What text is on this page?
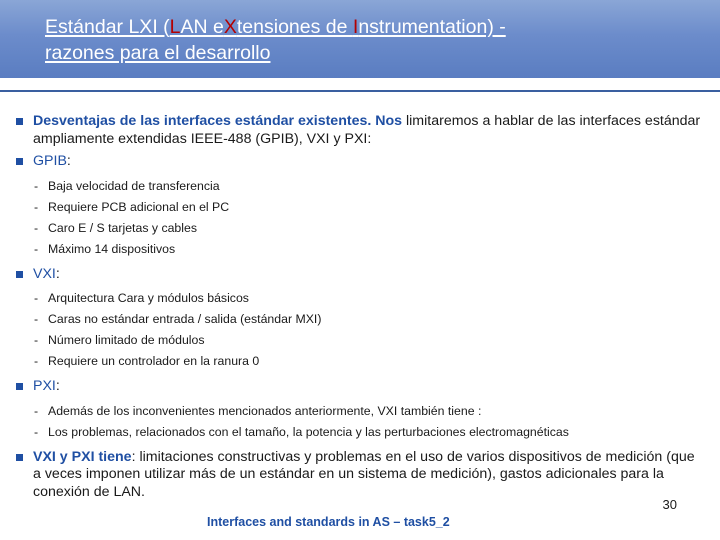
Estándar LXI (LAN eXtensiones de Instrumentation) -
razones para el desarrollo
Desventajas de las interfaces estándar existentes. Nos limitaremos a hablar de las interfaces estándar ampliamente extendidas IEEE-488 (GPIB), VXI y PXI:
GPIB:
- Baja velocidad de transferencia
- Requiere PCB adicional en el PC
- Caro E / S tarjetas y cables
- Máximo 14 dispositivos
VXI:
- Arquitectura Cara y módulos básicos
- Caras no estándar entrada / salida (estándar MXI)
- Número limitado de módulos
- Requiere un controlador en la ranura 0
PXI:
- Además de los inconvenientes mencionados anteriormente, VXI también tiene :
- Los problemas, relacionados con el tamaño, la potencia y las perturbaciones electromagnéticas
VXI y PXI tiene: limitaciones constructivas y problemas en el uso de varios dispositivos de medición (que a veces imponen utilizar más de un estándar en un sistema de medición), gastos adicionales para la conexión de LAN.
30
Interfaces and standards in AS – task5_2
